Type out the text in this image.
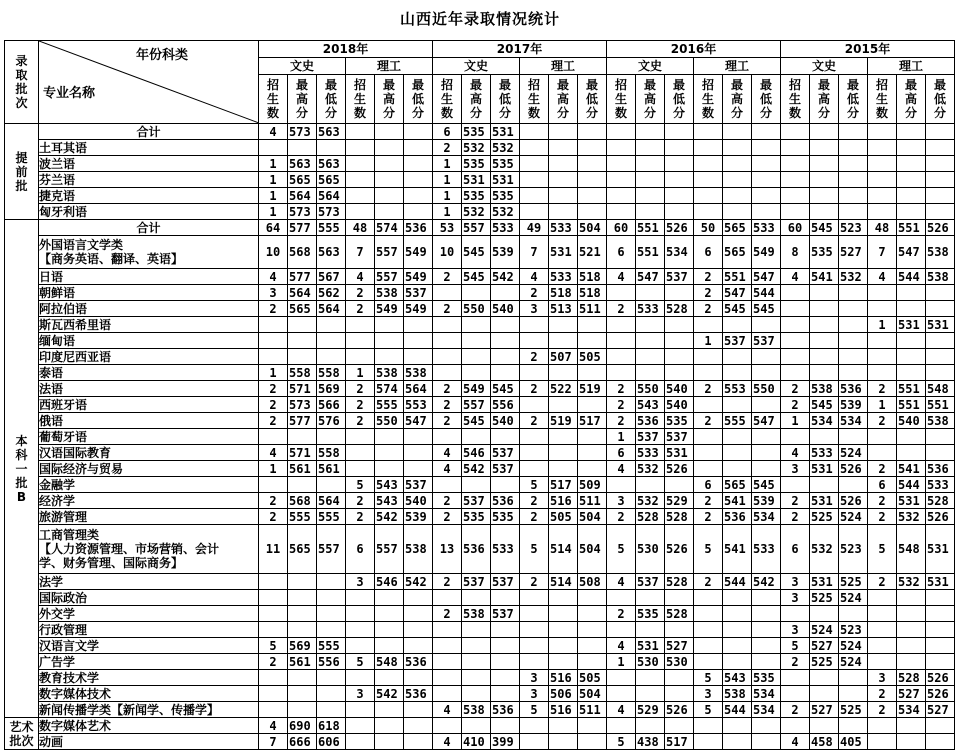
山西近年录取情况统计
录
取
批
次	年份科类
专业名称	2018年						2017年						2016年						2015年					
		文史			理工			文史			理工			文史			理工			文史			理工		
		招
生
数	最
高
分	最
低
分	招
生
数	最
高
分	最
低
分	招
生
数	最
高
分	最
低
分	招
生
数	最
高
分	最
低
分	招
生
数	最
高
分	最
低
分	招
生
数	最
高
分	最
低
分	招
生
数	最
高
分	最
低
分	招
生
数	最
高
分	最
低
分
提
前
批	合计	4	573	563				6	535	531															
	土耳其语							2	532	532															
	波兰语	1	563	563				1	535	535															
	芬兰语	1	565	565				1	531	531															
	捷克语	1	564	564				1	535	535															
	匈牙利语	1	573	573				1	532	532															
本
科
一
批
B	合计	64	577	555	48	574	536	53	557	533	49	533	504	60	551	526	50	565	533	60	545	523	48	551	526
	外国语言文学类
【商务英语、翻译、英语】	10	568	563	7	557	549	10	545	539	7	531	521	6	551	534	6	565	549	8	535	527	7	547	538
	日语	4	577	567	4	557	549	2	545	542	4	533	518	4	547	537	2	551	547	4	541	532	4	544	538
	朝鲜语	3	564	562	2	538	537				2	518	518				2	547	544						
	阿拉伯语	2	565	564	2	549	549	2	550	540	3	513	511	2	533	528	2	545	545						
	斯瓦西希里语																						1	531	531
	缅甸语																1	537	537						
	印度尼西亚语										2	507	505												
	泰语	1	558	558	1	538	538																		
	法语	2	571	569	2	574	564	2	549	545	2	522	519	2	550	540	2	553	550	2	538	536	2	551	548
	西班牙语	2	573	566	2	555	553	2	557	556				2	543	540				2	545	539	1	551	551
	俄语	2	577	576	2	550	547	2	545	540	2	519	517	2	536	535	2	555	547	1	534	534	2	540	538
	葡萄牙语													1	537	537									
	汉语国际教育	4	571	558				4	546	537				6	533	531				4	533	524			
	国际经济与贸易	1	561	561				4	542	537				4	532	526				3	531	526	2	541	536
	金融学				5	543	537				5	517	509				6	565	545				6	544	533
	经济学	2	568	564	2	543	540	2	537	536	2	516	511	3	532	529	2	541	539	2	531	526	2	531	528
	旅游管理	2	555	555	2	542	539	2	535	535	2	505	504	2	528	528	2	536	534	2	525	524	2	532	526
	工商管理类
【人力资源管理、市场营销、会计
学、财务管理、国际商务】	11	565	557	6	557	538	13	536	533	5	514	504	5	530	526	5	541	533	6	532	523	5	548	531
	法学				3	546	542	2	537	537	2	514	508	4	537	528	2	544	542	3	531	525	2	532	531
	国际政治																			3	525	524			
	外交学							2	538	537				2	535	528									
	行政管理																			3	524	523			
	汉语言文学	5	569	555										4	531	527				5	527	524			
	广告学	2	561	556	5	548	536							1	530	530				2	525	524			
	教育技术学										3	516	505				5	543	535				3	528	526
	数字媒体技术				3	542	536				3	506	504				3	538	534				2	527	526
	新闻传播学类【新闻学、传播学】							4	538	536	5	516	511	4	529	526	5	544	534	2	527	525	2	534	527
艺术
批次	数字媒体艺术	4	690	618																					
	动画	7	666	606				4	410	399				5	438	517				4	458	405			
